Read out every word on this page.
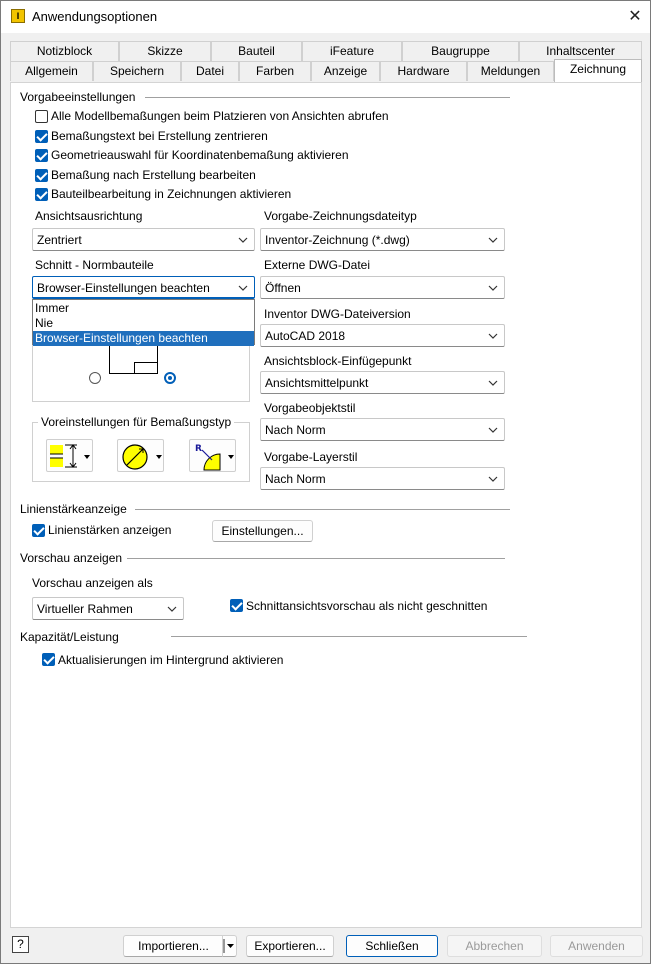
I Anwendungsoptionen	✕
Notizblock	Skizze	Bauteil	iFeature	Baugruppe	Inhaltscenter
Allgemein	Speichern	Datei	Farben	Anzeige	Hardware	Meldungen	Zeichnung
Vorgabeeinstellungen
Alle Modellbemaßungen beim Platzieren von Ansichten abrufen
Bemaßungstext bei Erstellung zentrieren
Geometrieauswahl für Koordinatenbemaßung aktivieren
Bemaßung nach Erstellung bearbeiten
Bauteilbearbeitung in Zeichnungen aktivieren
Ansichtsausrichtung
Zentriert
Schnitt - Normbauteile
Browser-Einstellungen beachten
Immer
Nie
Browser-Einstellungen beachten
Voreinstellungen für Bemaßungstyp
R
Vorgabe-Zeichnungsdateityp
Inventor-Zeichnung (*.dwg)
Externe DWG-Datei
Öffnen
Inventor DWG-Dateiversion
AutoCAD 2018
Ansichtsblock-Einfügepunkt
Ansichtsmittelpunkt
Vorgabeobjektstil
Nach Norm
Vorgabe-Layerstil
Nach Norm
Linienstärkeanzeige
Linienstärken anzeigen	Einstellungen...
Vorschau anzeigen
Vorschau anzeigen als
Virtueller Rahmen	Schnittansichtsvorschau als nicht geschnitten
Kapazität/Leistung
Aktualisierungen im Hintergrund aktivieren
?	Importieren...	Exportieren...	Schließen	Abbrechen	Anwenden
